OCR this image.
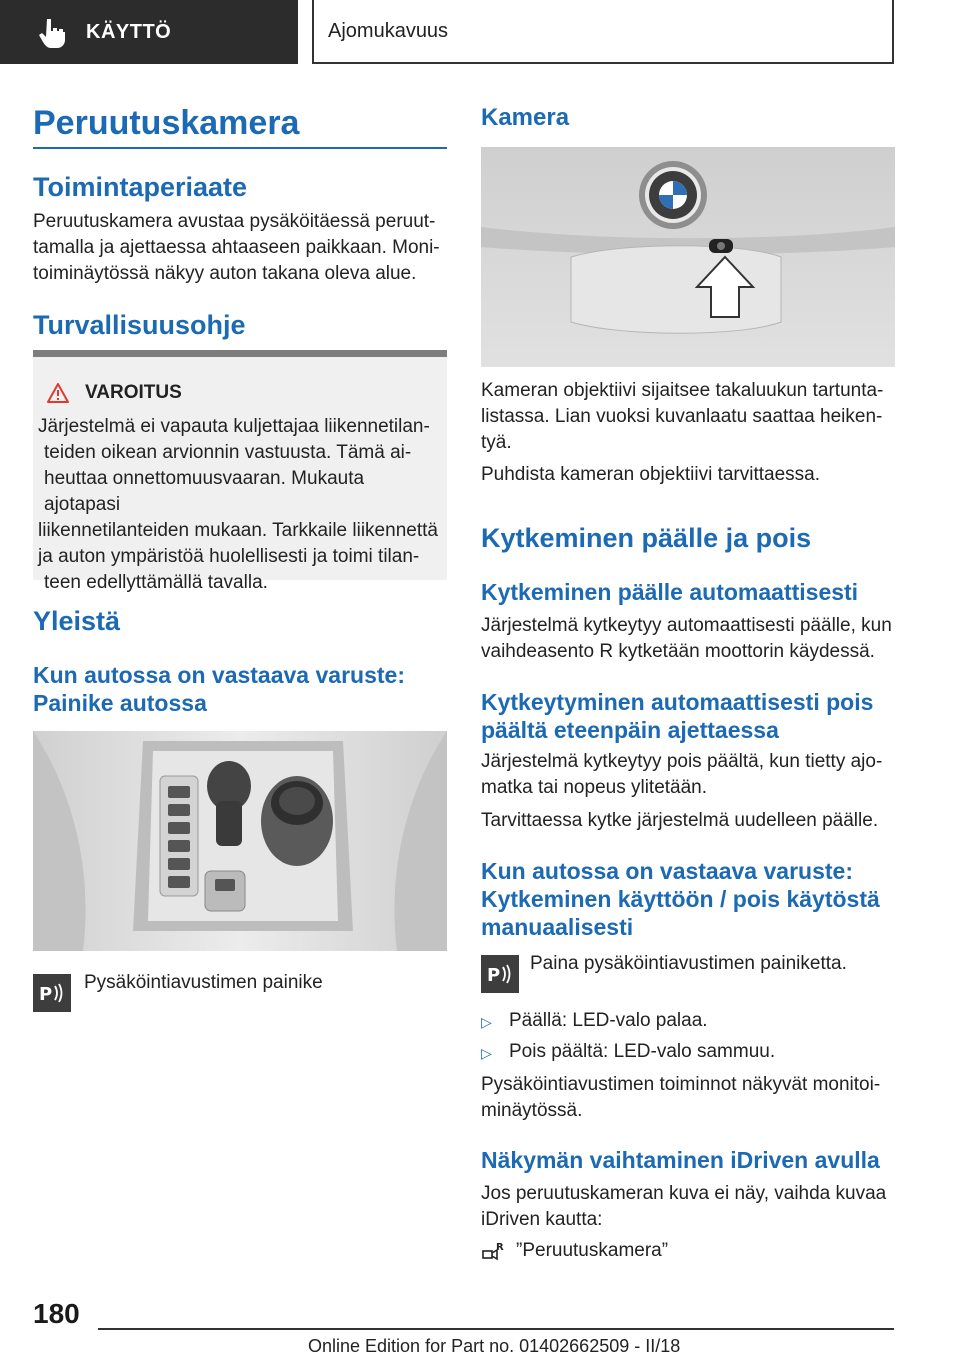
KÄYTTÖ	Ajomukavuus
Peruutuskamera
Toimintaperiaate
Peruutuskamera avustaa pysäköitäessä peruut-
tamalla ja ajettaessa ahtaaseen paikkaan. Moni-
toiminäytössä näkyy auton takana oleva alue.
Turvallisuusohje
VAROITUS
Järjestelmä ei vapauta kuljettajaa liikennetilan-
teiden oikean arvionnin vastuusta. Tämä ai-
heuttaa onnettomuusvaaran. Mukauta ajotapasi
liikennetilanteiden mukaan. Tarkkaile liikennettä
ja auton ympäristöä huolellisesti ja toimi tilan-
teen edellyttämällä tavalla.
Yleistä
Kun autossa on vastaava varuste:
Painike autossa
P
Pysäköintiavustimen painike
Kamera
Kameran objektiivi sijaitsee takaluukun tartunta-
listassa. Lian vuoksi kuvanlaatu saattaa heiken-
tyä.
Puhdista kameran objektiivi tarvittaessa.
Kytkeminen päälle ja pois
Kytkeminen päälle automaattisesti
Järjestelmä kytkeytyy automaattisesti päälle, kun
vaihdeasento R kytketään moottorin käydessä.
Kytkeytyminen automaattisesti pois
päältä eteenpäin ajettaessa
Järjestelmä kytkeytyy pois päältä, kun tietty ajo-
matka tai nopeus ylitetään.
Tarvittaessa kytke järjestelmä uudelleen päälle.
Kun autossa on vastaava varuste:
Kytkeminen käyttöön / pois käytöstä
manuaalisesti
P
Paina pysäköintiavustimen painiketta.
▷ Päällä: LED-valo palaa.
▷ Pois päältä: LED-valo sammuu.
Pysäköintiavustimen toiminnot näkyvät monitoi-
minäytössä.
Näkymän vaihtaminen iDriven avulla
Jos peruutuskameran kuva ei näy, vaihda kuvaa
iDriven kautta:
R ”Peruutuskamera”
180
Online Edition for Part no. 01402662509 - II/18
